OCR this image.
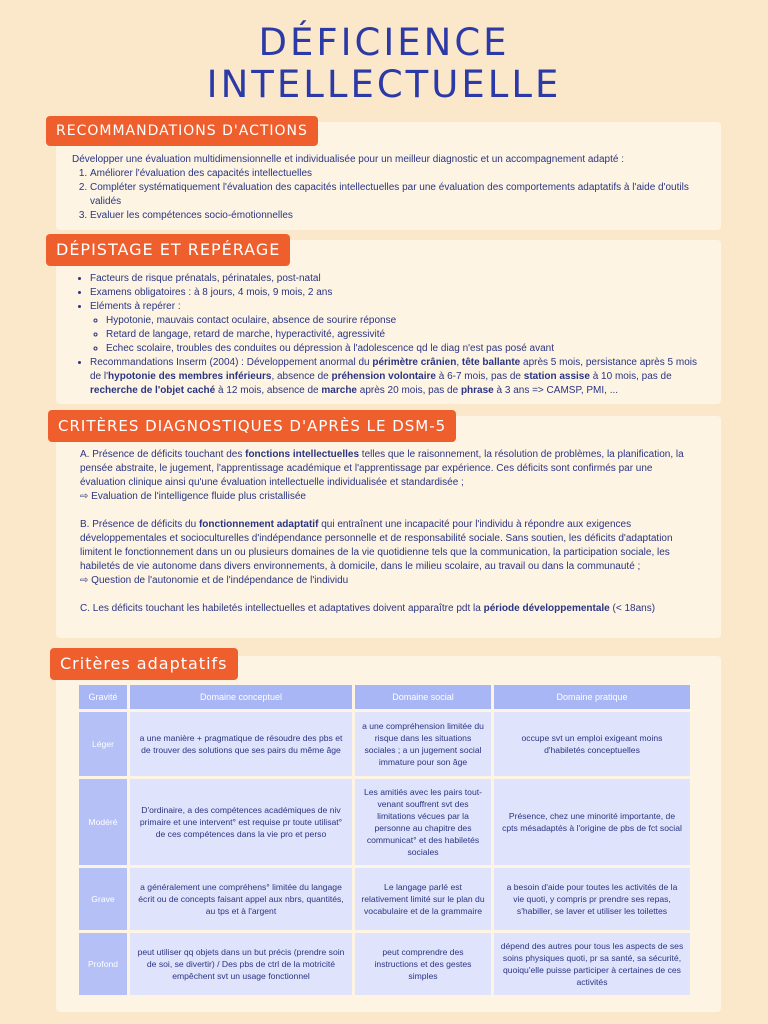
DÉFICIENCE
INTELLECTUELLE
RECOMMANDATIONS D'ACTIONS
Développer une évaluation multidimensionnelle et individualisée pour un meilleur diagnostic et un accompagnement adapté :
1. Améliorer l'évaluation des capacités intellectuelles
2. Compléter systématiquement l'évaluation des capacités intellectuelles par une évaluation des comportements adaptatifs à l'aide d'outils validés
3. Evaluer les compétences socio-émotionnelles
DÉPISTAGE ET REPÉRAGE
• Facteurs de risque prénatals, périnatales, post-natal
• Examens obligatoires : à 8 jours, 4 mois, 9 mois, 2 ans
• Eléments à repérer :
◦ Hypotonie, mauvais contact oculaire, absence de sourire réponse
◦ Retard de langage, retard de marche, hyperactivité, agressivité
◦ Echec scolaire, troubles des conduites ou dépression à l'adolescence qd le diag n'est pas posé avant
• Recommandations Inserm (2004) : Développement anormal du périmètre crânien, tête ballante après 5 mois, persistance après 5 mois de l'hypotonie des membres inférieurs, absence de préhension volontaire à 6-7 mois, pas de station assise à 10 mois, pas de recherche de l'objet caché à 12 mois, absence de marche après 20 mois, pas de phrase à 3 ans => CAMSP, PMI, ...
CRITÈRES DIAGNOSTIQUES D'APRÈS LE DSM-5
A. Présence de déficits touchant des fonctions intellectuelles telles que le raisonnement, la résolution de problèmes, la planification, la pensée abstraite, le jugement, l'apprentissage académique et l'apprentissage par expérience. Ces déficits sont confirmés par une évaluation clinique ainsi qu'une évaluation intellectuelle individualisée et standardisée ;
⇨ Evaluation de l'intelligence fluide plus cristallisée
B. Présence de déficits du fonctionnement adaptatif qui entraînent une incapacité pour l'individu à répondre aux exigences développementales et socioculturelles d'indépendance personnelle et de responsabilité sociale. Sans soutien, les déficits d'adaptation limitent le fonctionnement dans un ou plusieurs domaines de la vie quotidienne tels que la communication, la participation sociale, les habiletés de vie autonome dans divers environnements, à domicile, dans le milieu scolaire, au travail ou dans la communauté ;
⇨ Question de l'autonomie et de l'indépendance de l'individu
C. Les déficits touchant les habiletés intellectuelles et adaptatives doivent apparaître pdt la période développementale (< 18ans)
Critères adaptatifs
Gravité	Domaine conceptuel	Domaine social	Domaine pratique
Léger	a une manière + pragmatique de résoudre des pbs et de trouver des solutions que ses pairs du même âge	a une compréhension limitée du risque dans les situations sociales ; a un jugement social immature pour son âge	occupe svt un emploi exigeant moins d'habiletés conceptuelles
Modéré	D'ordinaire, a des compétences académiques de niv primaire et une intervent° est requise pr toute utilisat° de ces compétences dans la vie pro et perso	Les amitiés avec les pairs tout-venant souffrent svt des limitations vécues par la personne au chapitre des communicat° et des habiletés sociales	Présence, chez une minorité importante, de cpts mésadaptés à l'origine de pbs de fct social
Grave	a généralement une compréhens° limitée du langage écrit ou de concepts faisant appel aux nbrs, quantités, au tps et à l'argent	Le langage parlé est relativement limité sur le plan du vocabulaire et de la grammaire	a besoin d'aide pour toutes les activités de la vie quoti, y compris pr prendre ses repas, s'habiller, se laver et utiliser les toilettes
Profond	peut utiliser qq objets dans un but précis (prendre soin de soi, se divertir) / Des pbs de ctrl de la motricité empêchent svt un usage fonctionnel	peut comprendre des instructions et des gestes simples	dépend des autres pour tous les aspects de ses soins physiques quoti, pr sa santé, sa sécurité, quoiqu'elle puisse participer à certaines de ces activités
